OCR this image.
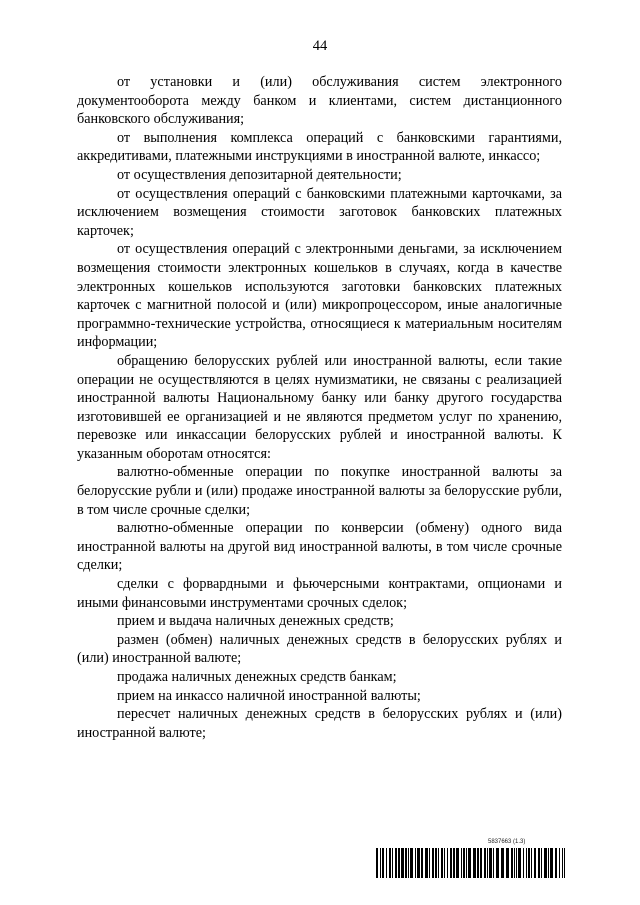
44

от установки и (или) обслуживания систем электронного документооборота между банком и клиентами, систем дистанционного банковского обслуживания;

от выполнения комплекса операций с банковскими гарантиями, аккредитивами, платежными инструкциями в иностранной валюте, инкассо;

от осуществления депозитарной деятельности;

от осуществления операций с банковскими платежными карточками, за исключением возмещения стоимости заготовок банковских платежных карточек;

от осуществления операций с электронными деньгами, за исключением возмещения стоимости электронных кошельков в случаях, когда в качестве электронных кошельков используются заготовки банковских платежных карточек с магнитной полосой и (или) микропроцессором, иные аналогичные программно-технические устройства, относящиеся к материальным носителям информации;

обращению белорусских рублей или иностранной валюты, если такие операции не осуществляются в целях нумизматики, не связаны с реализацией иностранной валюты Национальному банку или банку другого государства изготовившей ее организацией и не являются предметом услуг по хранению, перевозке или инкассации белорусских рублей и иностранной валюты. К указанным оборотам относятся:

валютно-обменные операции по покупке иностранной валюты за белорусские рубли и (или) продаже иностранной валюты за белорусские рубли, в том числе срочные сделки;

валютно-обменные операции по конверсии (обмену) одного вида иностранной валюты на другой вид иностранной валюты, в том числе срочные сделки;

сделки с форвардными и фьючерсными контрактами, опционами и иными финансовыми инструментами срочных сделок;

прием и выдача наличных денежных средств;

размен (обмен) наличных денежных средств в белорусских рублях и (или) иностранной валюте;

продажа наличных денежных средств банкам;

прием на инкассо наличной иностранной валюты;

пересчет наличных денежных средств в белорусских рублях и (или) иностранной валюте;

5837663 (1.3)
